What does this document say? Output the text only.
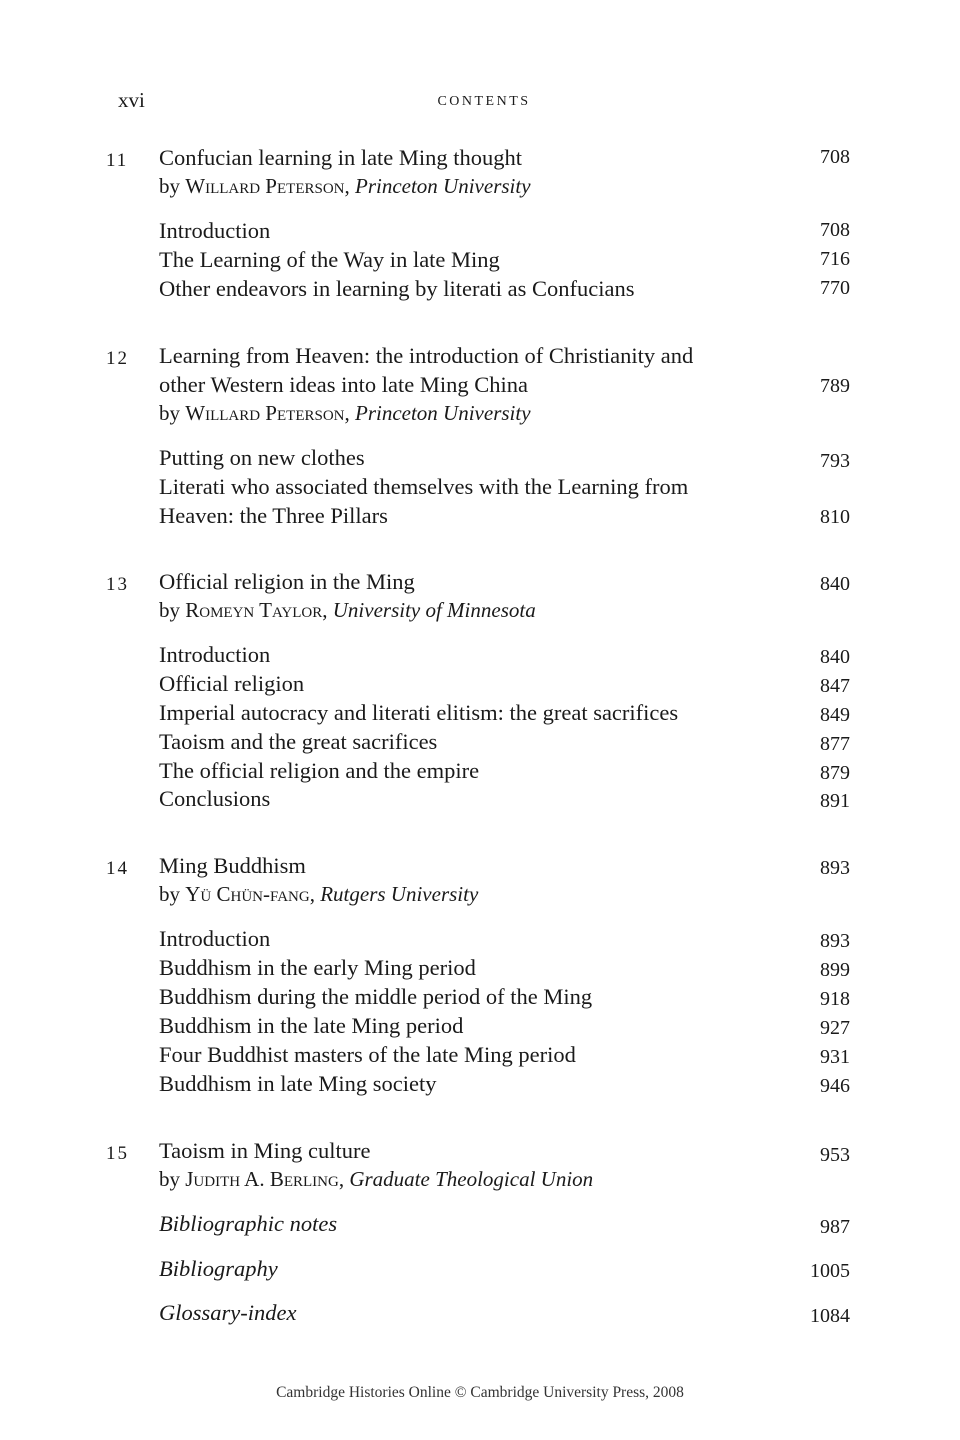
xvi	CONTENTS
11 Confucian learning in late Ming thought	708
by Willard Peterson, Princeton University
Introduction	708
The Learning of the Way in late Ming	716
Other endeavors in learning by literati as Confucians	770
12 Learning from Heaven: the introduction of Christianity and
other Western ideas into late Ming China	789
by Willard Peterson, Princeton University
Putting on new clothes	793
Literati who associated themselves with the Learning from
Heaven: the Three Pillars	810
13 Official religion in the Ming	840
by Romeyn Taylor, University of Minnesota
Introduction	840
Official religion	847
Imperial autocracy and literati elitism: the great sacrifices	849
Taoism and the great sacrifices	877
The official religion and the empire	879
Conclusions	891
14 Ming Buddhism	893
by Yü Chün-fang, Rutgers University
Introduction	893
Buddhism in the early Ming period	899
Buddhism during the middle period of the Ming	918
Buddhism in the late Ming period	927
Four Buddhist masters of the late Ming period	931
Buddhism in late Ming society	946
15 Taoism in Ming culture	953
by Judith A. Berling, Graduate Theological Union
Bibliographic notes	987
Bibliography	1005
Glossary-index	1084
Cambridge Histories Online © Cambridge University Press, 2008
